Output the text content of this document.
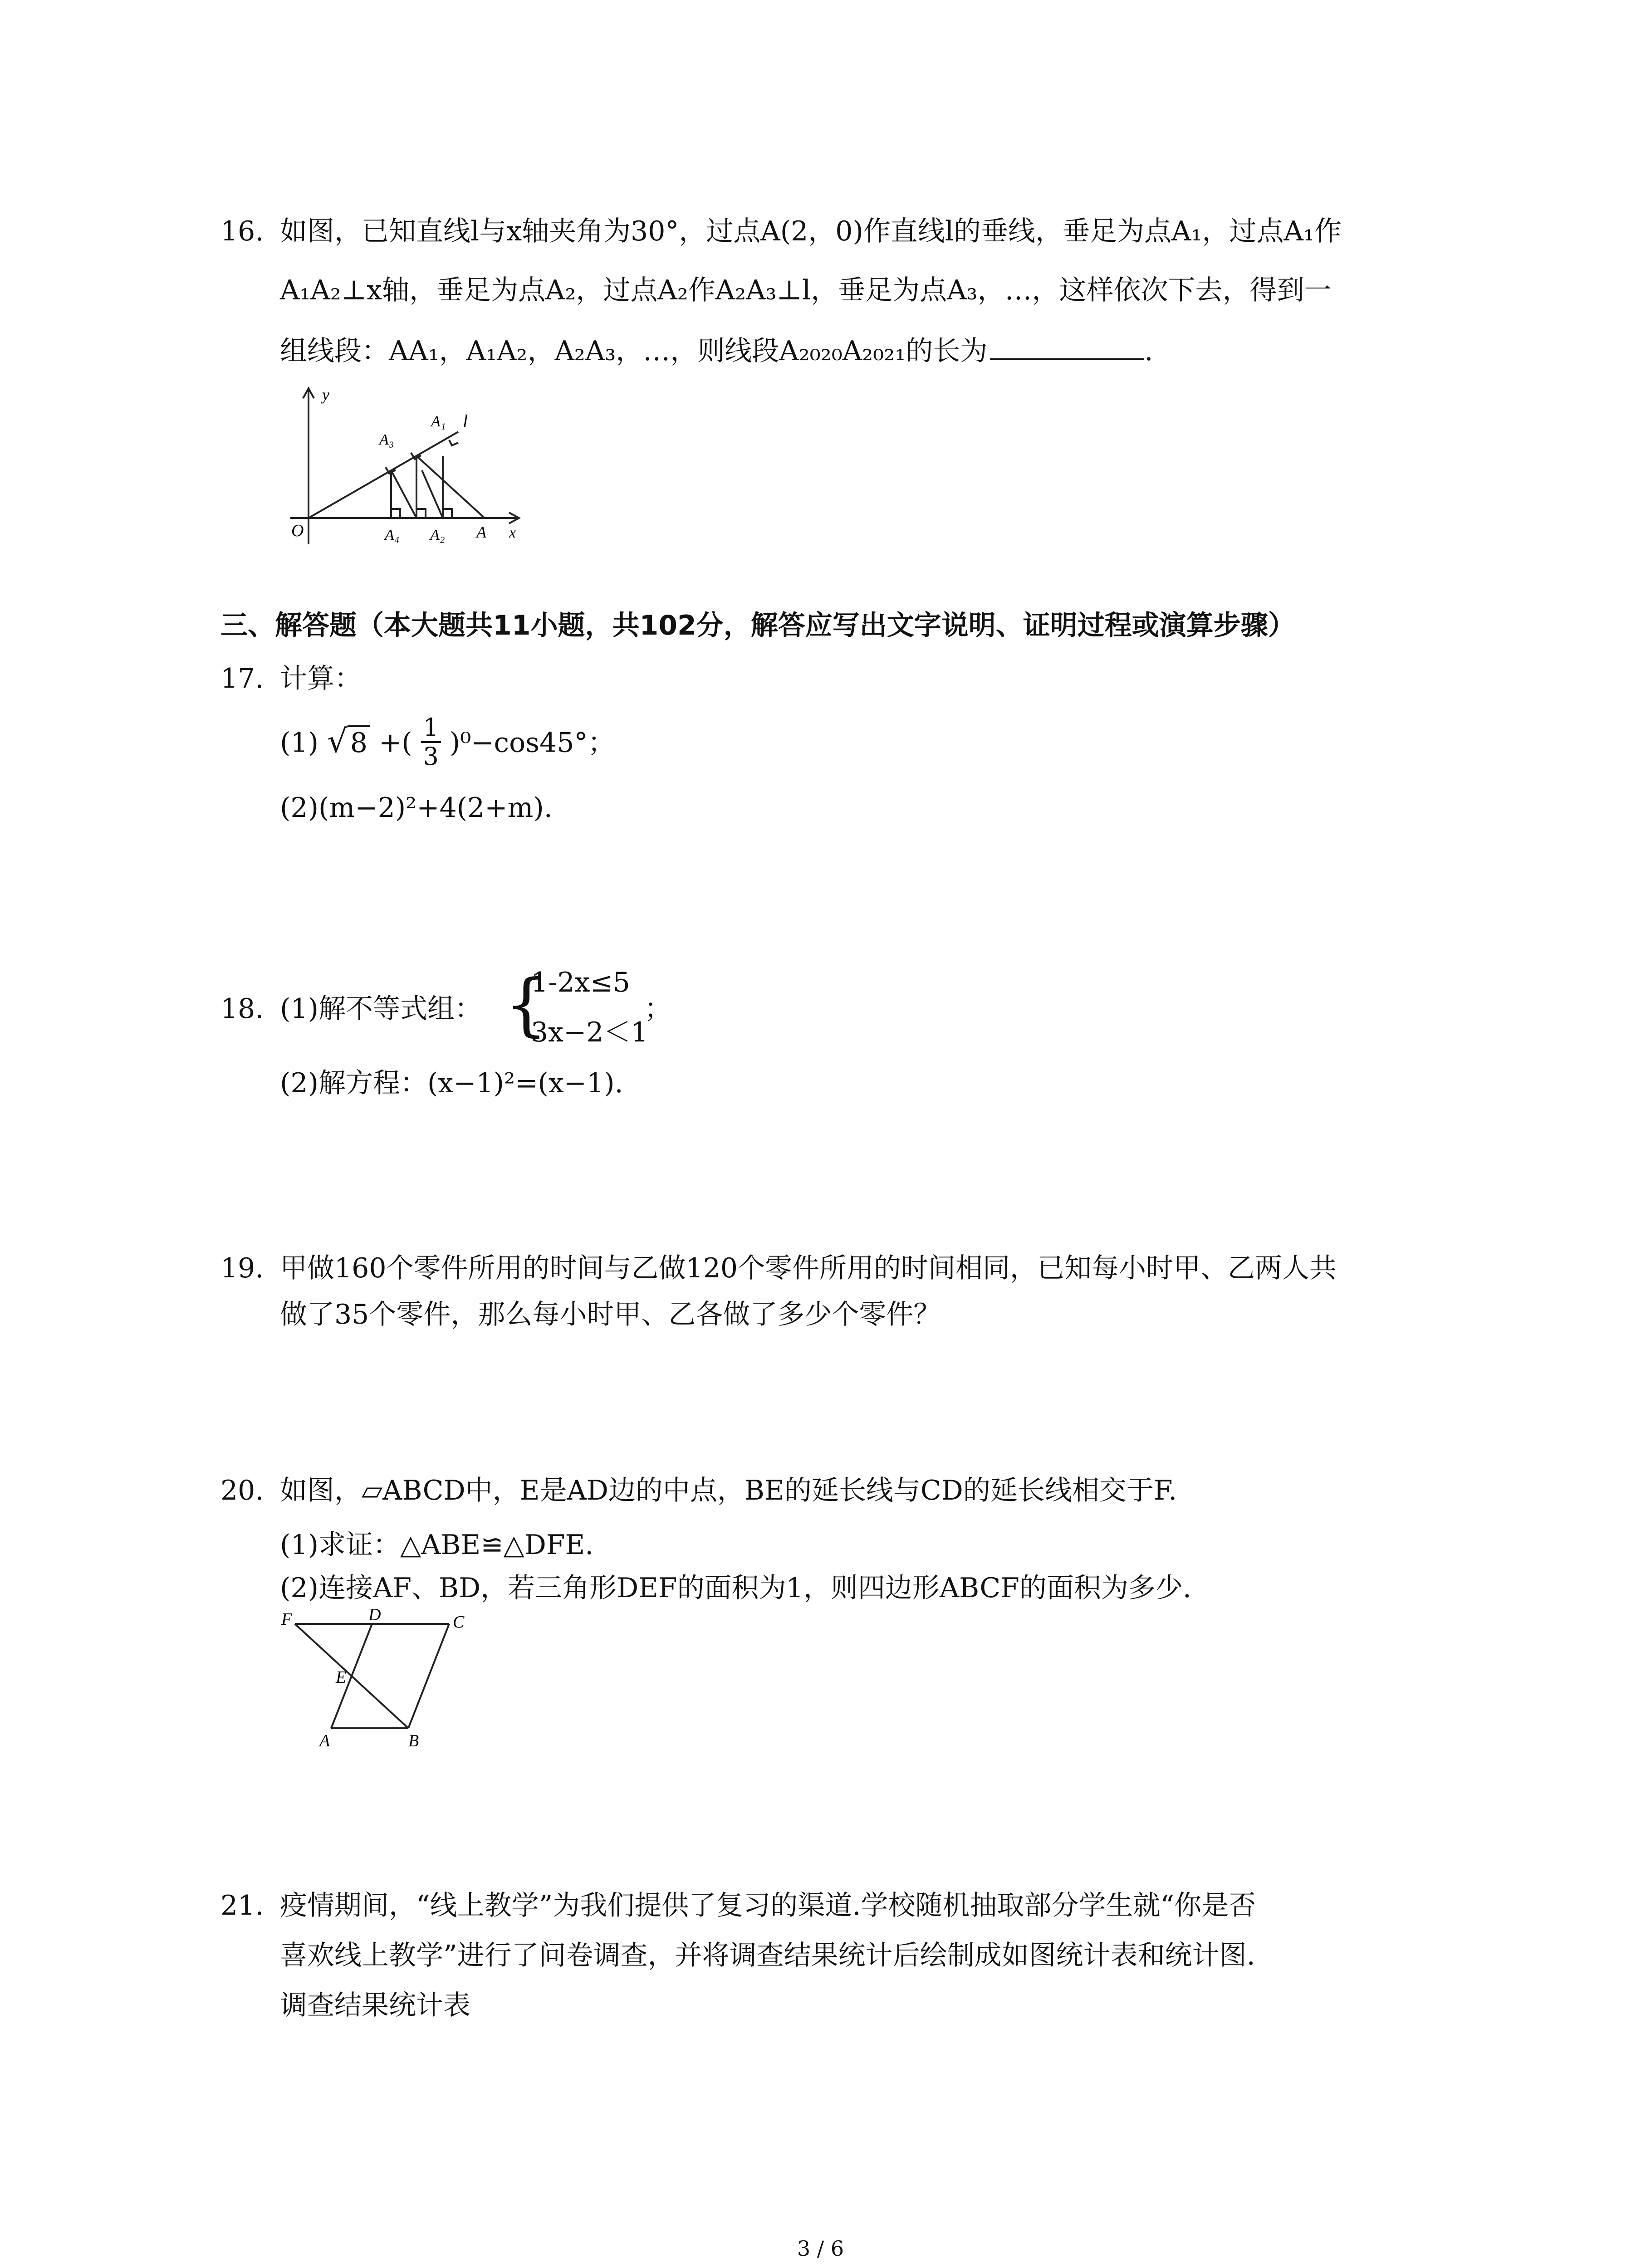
16. 如图，已知直线l与x轴夹角为30°，过点A(2，0)作直线l的垂线，垂足为点A₁，过点A₁作
A₁A₂⊥x轴，垂足为点A₂，过点A₂作A₂A₃⊥l，垂足为点A₃，…，这样依次下去，得到一
组线段：AA₁，A₁A₂，A₂A₃，…，则线段A₂₀₂₀A₂₀₂₁的长为	.
y
l
A₃
A₁
O	A₄ A₂ A x
三、解答题（本大题共11小题，共102分，解答应写出文字说明、证明过程或演算步骤）
17. 计算：
(1) √ 8 +( $\frac{1}{3} )^0-\cos 45^\circ$；
(2)(m−2)²+4(2+m).
18. (1)解不等式组： {
1-2x≤5
3x−2＜1
；
(2)解方程：(x−1)²=(x−1).
19. 甲做160个零件所用的时间与乙做120个零件所用的时间相同，已知每小时甲、乙两人共
做了35个零件，那么每小时甲、乙各做了多少个零件？
20. 如图，▱ABCD中，E是AD边的中点，BE的延长线与CD的延长线相交于F.
(1)求证：△ABE≌△DFE.
(2)连接AF、BD，若三角形DEF的面积为1，则四边形ABCF的面积为多少.
F	D	C
E
A	B
21. 疫情期间，“线上教学”为我们提供了复习的渠道.学校随机抽取部分学生就“你是否
喜欢线上教学”进行了问卷调查，并将调查结果统计后绘制成如图统计表和统计图.
调查结果统计表
3 / 6
